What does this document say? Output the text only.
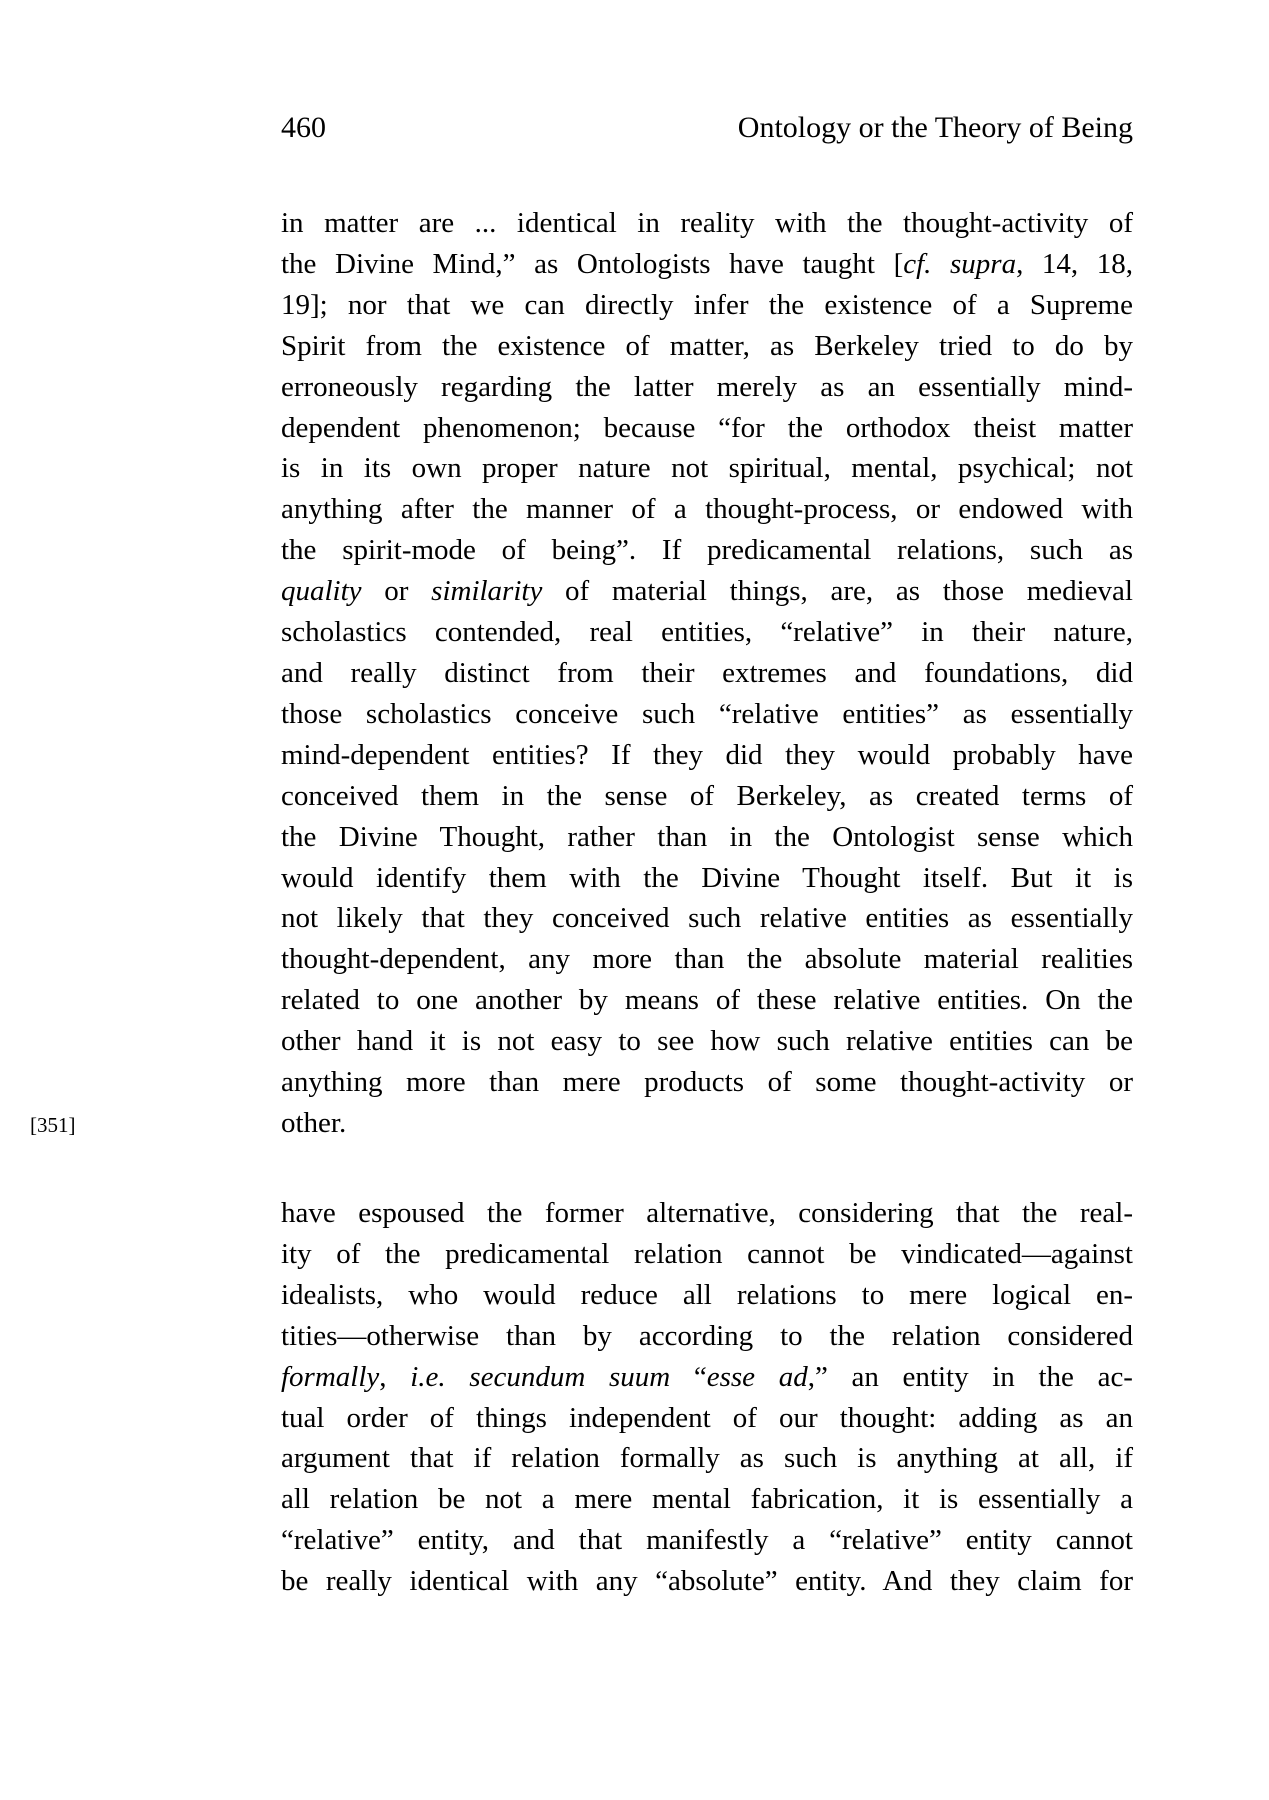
460	Ontology or the Theory of Being
[351]
in matter are ... identical in reality with the thought-activity of
the Divine Mind,” as Ontologists have taught [cf. supra, 14, 18,
19]; nor that we can directly infer the existence of a Supreme
Spirit from the existence of matter, as Berkeley tried to do by
erroneously regarding the latter merely as an essentially mind-
dependent phenomenon; because “for the orthodox theist matter
is in its own proper nature not spiritual, mental, psychical; not
anything after the manner of a thought-process, or endowed with
the spirit-mode of being”. If predicamental relations, such as
quality or similarity of material things, are, as those medieval
scholastics contended, real entities, “relative” in their nature,
and really distinct from their extremes and foundations, did
those scholastics conceive such “relative entities” as essentially
mind-dependent entities? If they did they would probably have
conceived them in the sense of Berkeley, as created terms of
the Divine Thought, rather than in the Ontologist sense which
would identify them with the Divine Thought itself. But it is
not likely that they conceived such relative entities as essentially
thought-dependent, any more than the absolute material realities
related to one another by means of these relative entities. On the
other hand it is not easy to see how such relative entities can be
anything more than mere products of some thought-activity or
other.
have espoused the former alternative, considering that the real-
ity of the predicamental relation cannot be vindicated—against
idealists, who would reduce all relations to mere logical en-
tities—otherwise than by according to the relation considered
formally, i.e. secundum suum “esse ad,” an entity in the ac-
tual order of things independent of our thought: adding as an
argument that if relation formally as such is anything at all, if
all relation be not a mere mental fabrication, it is essentially a
“relative” entity, and that manifestly a “relative” entity cannot
be really identical with any “absolute” entity. And they claim for
